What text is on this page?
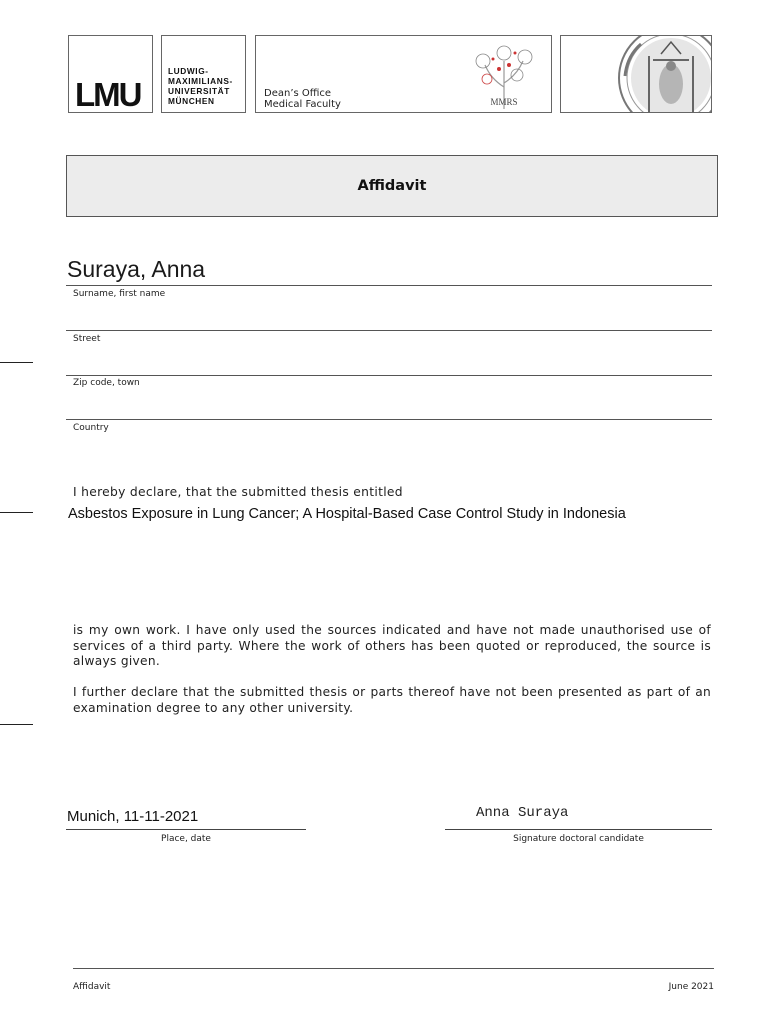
LMU
LUDWIG-
MAXIMILIANS-
UNIVERSITÄT
MÜNCHEN
Dean’s Office
Medical Faculty	MMRS
Affidavit
Suraya, Anna
Surname, first name
Street
Zip code, town
Country
I hereby declare, that the submitted thesis entitled
Asbestos Exposure in Lung Cancer; A Hospital-Based Case Control Study in Indonesia
is my own work. I have only used the sources indicated and have not made unauthorised use of services of a third party. Where the work of others has been quoted or reproduced, the source is always given.
I further declare that the submitted thesis or parts thereof have not been presented as part of an examination degree to any other university.
Munich, 11-11-2021
Place, date
Anna Suraya
Signature doctoral candidate
Affidavit	June 2021
